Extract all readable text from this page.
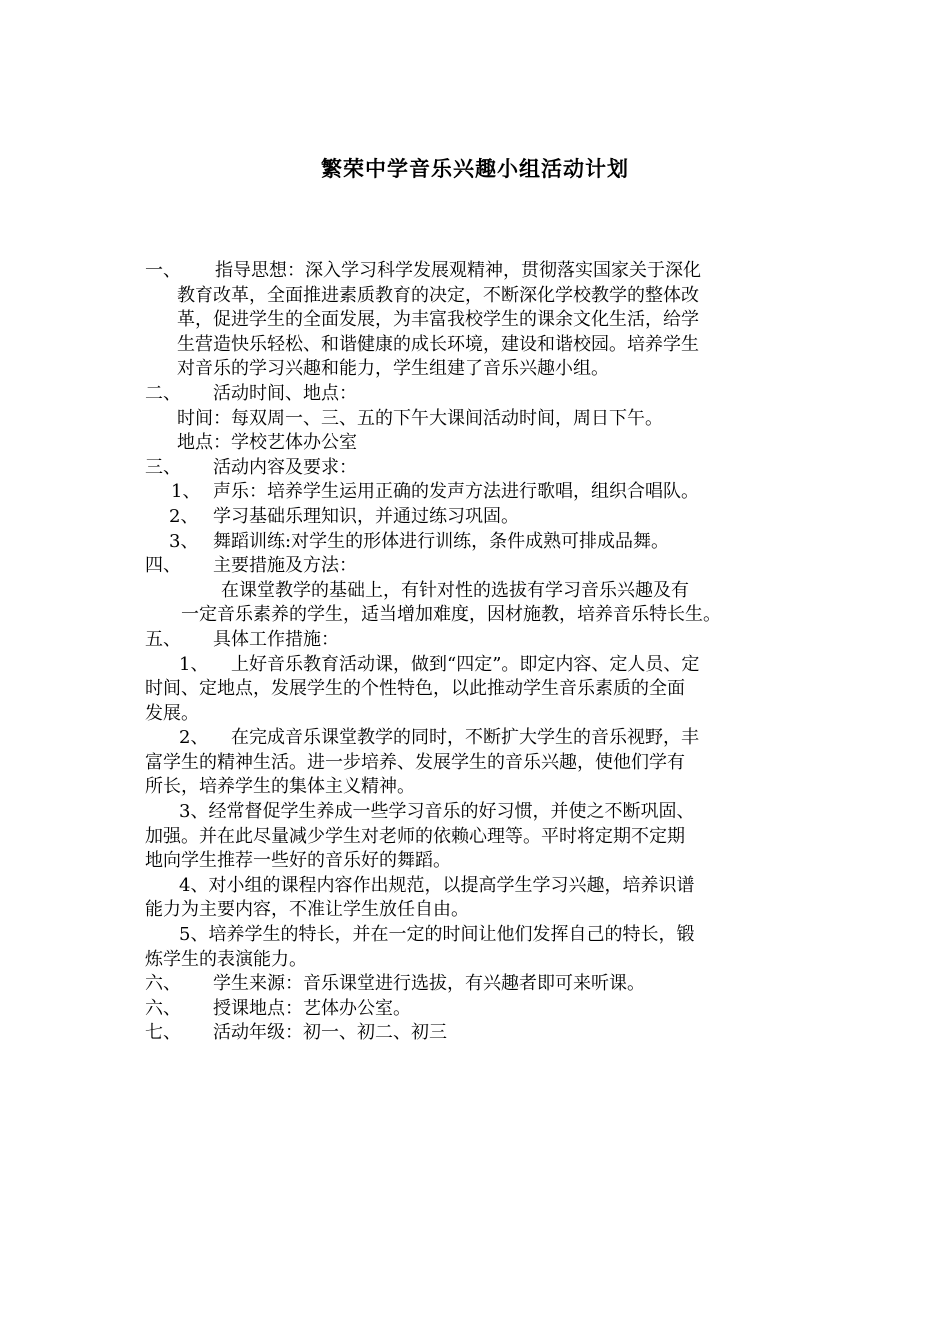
繁荣中学音乐兴趣小组活动计划
一、 指导思想：深入学习科学发展观精神，贯彻落实国家关于深化
教育改革，全面推进素质教育的决定，不断深化学校教学的整体改
革，促进学生的全面发展，为丰富我校学生的课余文化生活，给学
生营造快乐轻松、和谐健康的成长环境，建设和谐校园。培养学生
对音乐的学习兴趣和能力，学生组建了音乐兴趣小组。
二、 活动时间、地点：
时间：每双周一、三、五的下午大课间活动时间，周日下午。
地点：学校艺体办公室
三、 活动内容及要求：
1、 声乐：培养学生运用正确的发声方法进行歌唱，组织合唱队。
2、 学习基础乐理知识，并通过练习巩固。
3、 舞蹈训练:对学生的形体进行训练，条件成熟可排成品舞。
四、 主要措施及方法：
在课堂教学的基础上，有针对性的选拔有学习音乐兴趣及有
一定音乐素养的学生，适当增加难度，因材施教，培养音乐特长生。
五、 具体工作措施：
1、 上好音乐教育活动课，做到“四定”。即定内容、定人员、定
时间、定地点，发展学生的个性特色，以此推动学生音乐素质的全面
发展。
2、 在完成音乐课堂教学的同时，不断扩大学生的音乐视野，丰
富学生的精神生活。进一步培养、发展学生的音乐兴趣，使他们学有
所长，培养学生的集体主义精神。
3、经常督促学生养成一些学习音乐的好习惯，并使之不断巩固、
加强。并在此尽量减少学生对老师的依赖心理等。平时将定期不定期
地向学生推荐一些好的音乐好的舞蹈。
4、对小组的课程内容作出规范，以提高学生学习兴趣，培养识谱
能力为主要内容，不准让学生放任自由。
5、培养学生的特长，并在一定的时间让他们发挥自己的特长，锻
炼学生的表演能力。
六、 学生来源：音乐课堂进行选拔，有兴趣者即可来听课。
六、 授课地点：艺体办公室。
七、 活动年级：初一、初二、初三
